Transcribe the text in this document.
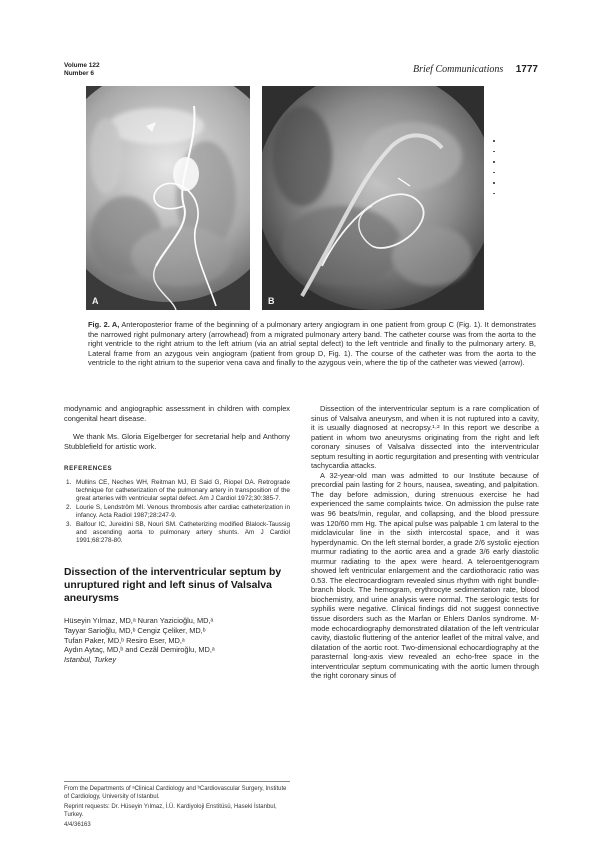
Volume 122
Number 6	Brief Communications 1777
A	B
Fig. 2. A, Anteroposterior frame of the beginning of a pulmonary artery angiogram in one patient from group C (Fig. 1). It demonstrates the narrowed right pulmonary artery (arrowhead) from a migrated pulmonary artery band. The catheter course was from the aorta to the right ventricle to the right atrium to the left atrium (via an atrial septal defect) to the left ventricle and finally to the pulmonary artery. B, Lateral frame from an azygous vein angiogram (patient from group D, Fig. 1). The course of the catheter was from the aorta to the ventricle to the right atrium to the superior vena cava and finally to the azygous vein, where the tip of the catheter was viewed (arrow).

modynamic and angiographic assessment in children with complex congenital heart disease.

We thank Ms. Gloria Eigelberger for secretarial help and Anthony Stubblefield for artistic work.

REFERENCES
1. Mullins CE, Neches WH, Reitman MJ, El Said G, Riopel DA. Retrograde technique for catheterization of the pulmonary artery in transposition of the great arteries with ventricular septal defect. Am J Cardiol 1972;30:385-7.
2. Lourie S, Lendström MI. Venous thrombosis after cardiac catheterization in infancy. Acta Radiol 1987;28:247-9.
3. Balfour IC, Jureidini SB, Nouri SM. Catheterizing modified Blalock-Taussig and ascending aorta to pulmonary artery shunts. Am J Cardiol 1991;68:278-80.
Dissection of the interventricular septum by unruptured right and left sinus of Valsalva aneurysms
Hüseyin Yılmaz, MD,ᵃ Nuran Yazicioğlu, MD,ᵃ
Tayyar Sarioğlu, MD,ᵇ Cengiz Çeliker, MD,ᵇ
Tufan Paker, MD,ᵇ Resiro Eser, MD,ᵃ
Aydın Aytaç, MD,ᵇ and Cezâl Demiroğlu, MD,ᵃ
Istanbul, Turkey

From the Departments of ᵃClinical Cardiology and ᵇCardiovascular Surgery, Institute of Cardiology, University of Istanbul.

Reprint requests: Dr. Hüseyin Yılmaz, İ.Ü. Kardiyoloji Enstitüsü, Haseki İstanbul, Turkey.

4/4/36163

Dissection of the interventricular septum is a rare complication of sinus of Valsalva aneurysm, and when it is not ruptured into a cavity, it is usually diagnosed at necropsy.¹·² In this report we describe a patient in whom two aneurysms originating from the right and left coronary sinuses of Valsalva dissected into the interventricular septum resulting in aortic regurgitation and presenting with ventricular tachycardia attacks.

A 32-year-old man was admitted to our Institute because of precordial pain lasting for 2 hours, nausea, sweating, and palpitation. The day before admission, during strenuous exercise he had experienced the same complaints twice. On admission the pulse rate was 96 beats/min, regular, and collapsing, and the blood pressure was 120/60 mm Hg. The apical pulse was palpable 1 cm lateral to the midclavicular line in the sixth intercostal space, and it was hyperdynamic. On the left sternal border, a grade 2/6 systolic ejection murmur radiating to the aortic area and a grade 3/6 early diastolic murmur radiating to the apex were heard. A teleroentgenogram showed left ventricular enlargement and the cardiothoracic ratio was 0.53. The electrocardiogram revealed sinus rhythm with right bundle-branch block. The hemogram, erythrocyte sedimentation rate, blood biochemistry, and urine analysis were normal. The serologic tests for syphilis were negative. Clinical findings did not suggest connective tissue disorders such as the Marfan or Ehlers Danlos syndrome. M-mode echocardiography demonstrated dilatation of the left ventricular cavity, diastolic fluttering of the anterior leaflet of the mitral valve, and dilatation of the aortic root. Two-dimensional echocardiography at the parasternal long-axis view revealed an echo-free space in the interventricular septum communicating with the aortic lumen through the right coronary sinus of
